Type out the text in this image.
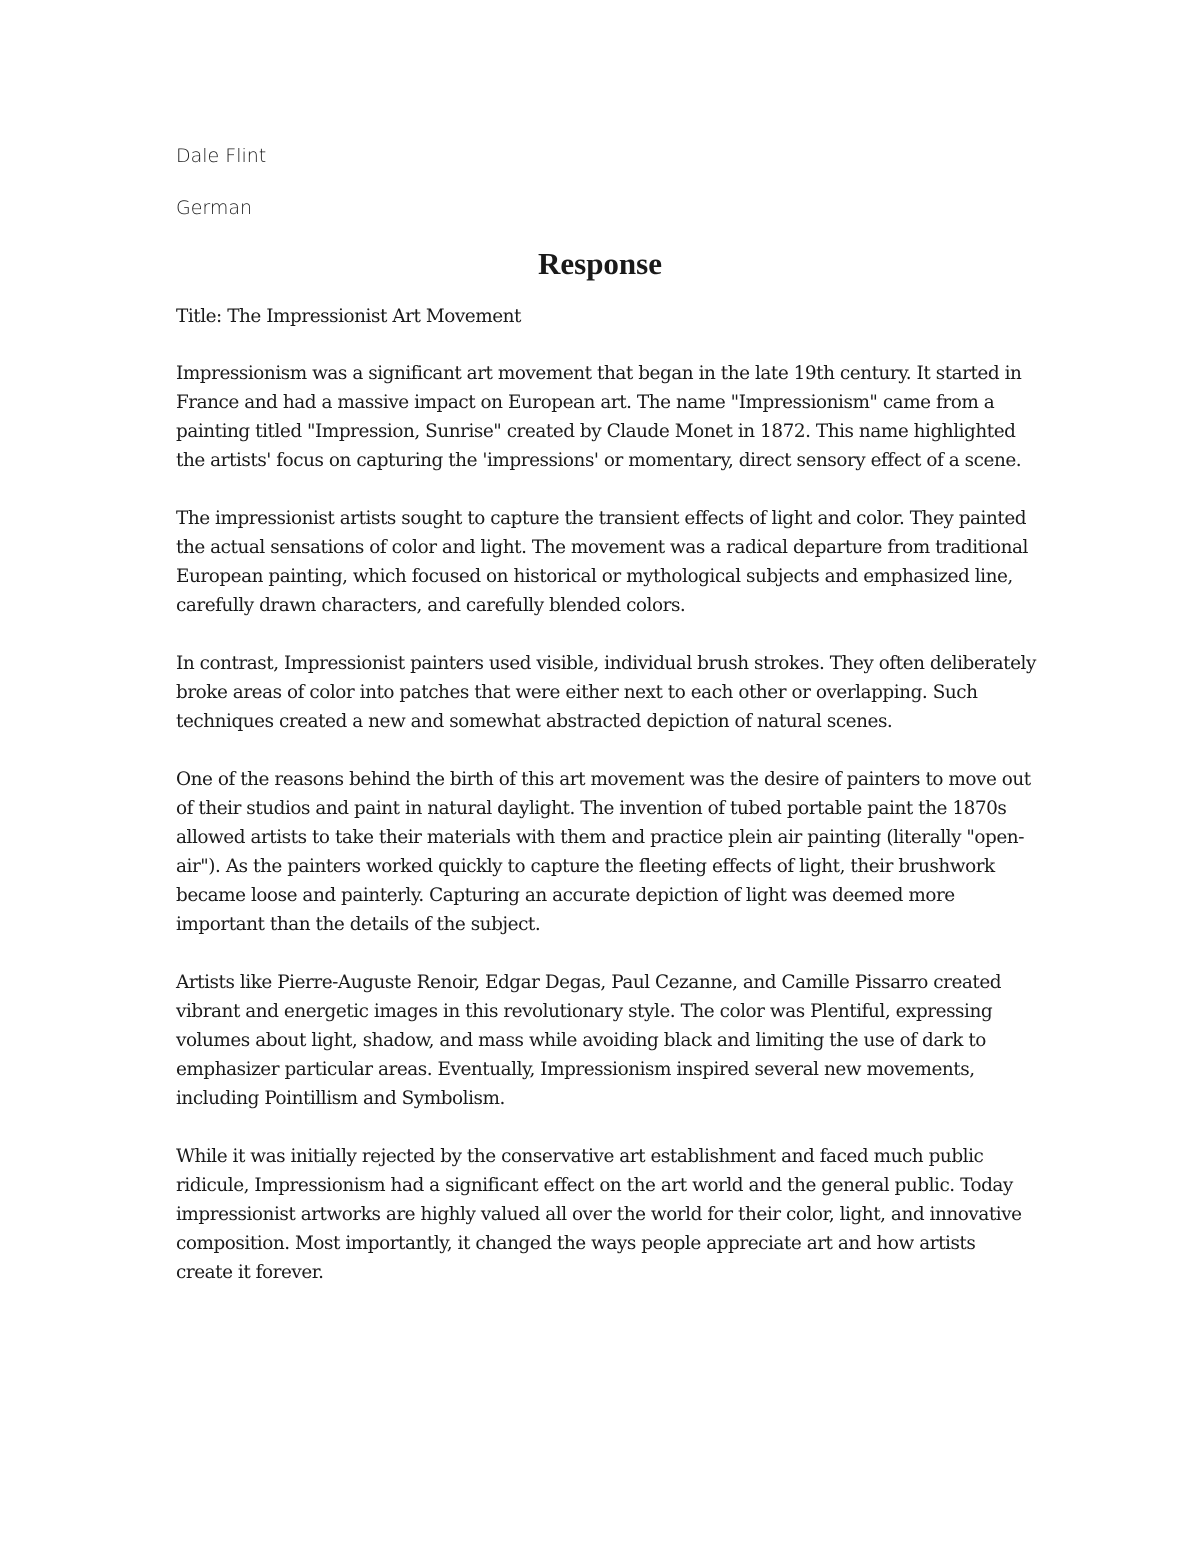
Dale Flint

German

Response

Title: The Impressionist Art Movement

Impressionism was a significant art movement that began in the late 19th century. It started in France and had a massive impact on European art. The name "Impressionism" came from a painting titled "Impression, Sunrise" created by Claude Monet in 1872. This name highlighted the artists' focus on capturing the 'impressions' or momentary, direct sensory effect of a scene.

The impressionist artists sought to capture the transient effects of light and color. They painted the actual sensations of color and light. The movement was a radical departure from traditional European painting, which focused on historical or mythological subjects and emphasized line, carefully drawn characters, and carefully blended colors.

In contrast, Impressionist painters used visible, individual brush strokes. They often deliberately broke areas of color into patches that were either next to each other or overlapping. Such techniques created a new and somewhat abstracted depiction of natural scenes.

One of the reasons behind the birth of this art movement was the desire of painters to move out of their studios and paint in natural daylight. The invention of tubed portable paint the 1870s allowed artists to take their materials with them and practice plein air painting (literally "open-air"). As the painters worked quickly to capture the fleeting effects of light, their brushwork became loose and painterly. Capturing an accurate depiction of light was deemed more important than the details of the subject.

Artists like Pierre-Auguste Renoir, Edgar Degas, Paul Cezanne, and Camille Pissarro created vibrant and energetic images in this revolutionary style. The color was Plentiful, expressing volumes about light, shadow, and mass while avoiding black and limiting the use of dark to emphasizer particular areas. Eventually, Impressionism inspired several new movements, including Pointillism and Symbolism.

While it was initially rejected by the conservative art establishment and faced much public ridicule, Impressionism had a significant effect on the art world and the general public. Today impressionist artworks are highly valued all over the world for their color, light, and innovative composition. Most importantly, it changed the ways people appreciate art and how artists create it forever.
